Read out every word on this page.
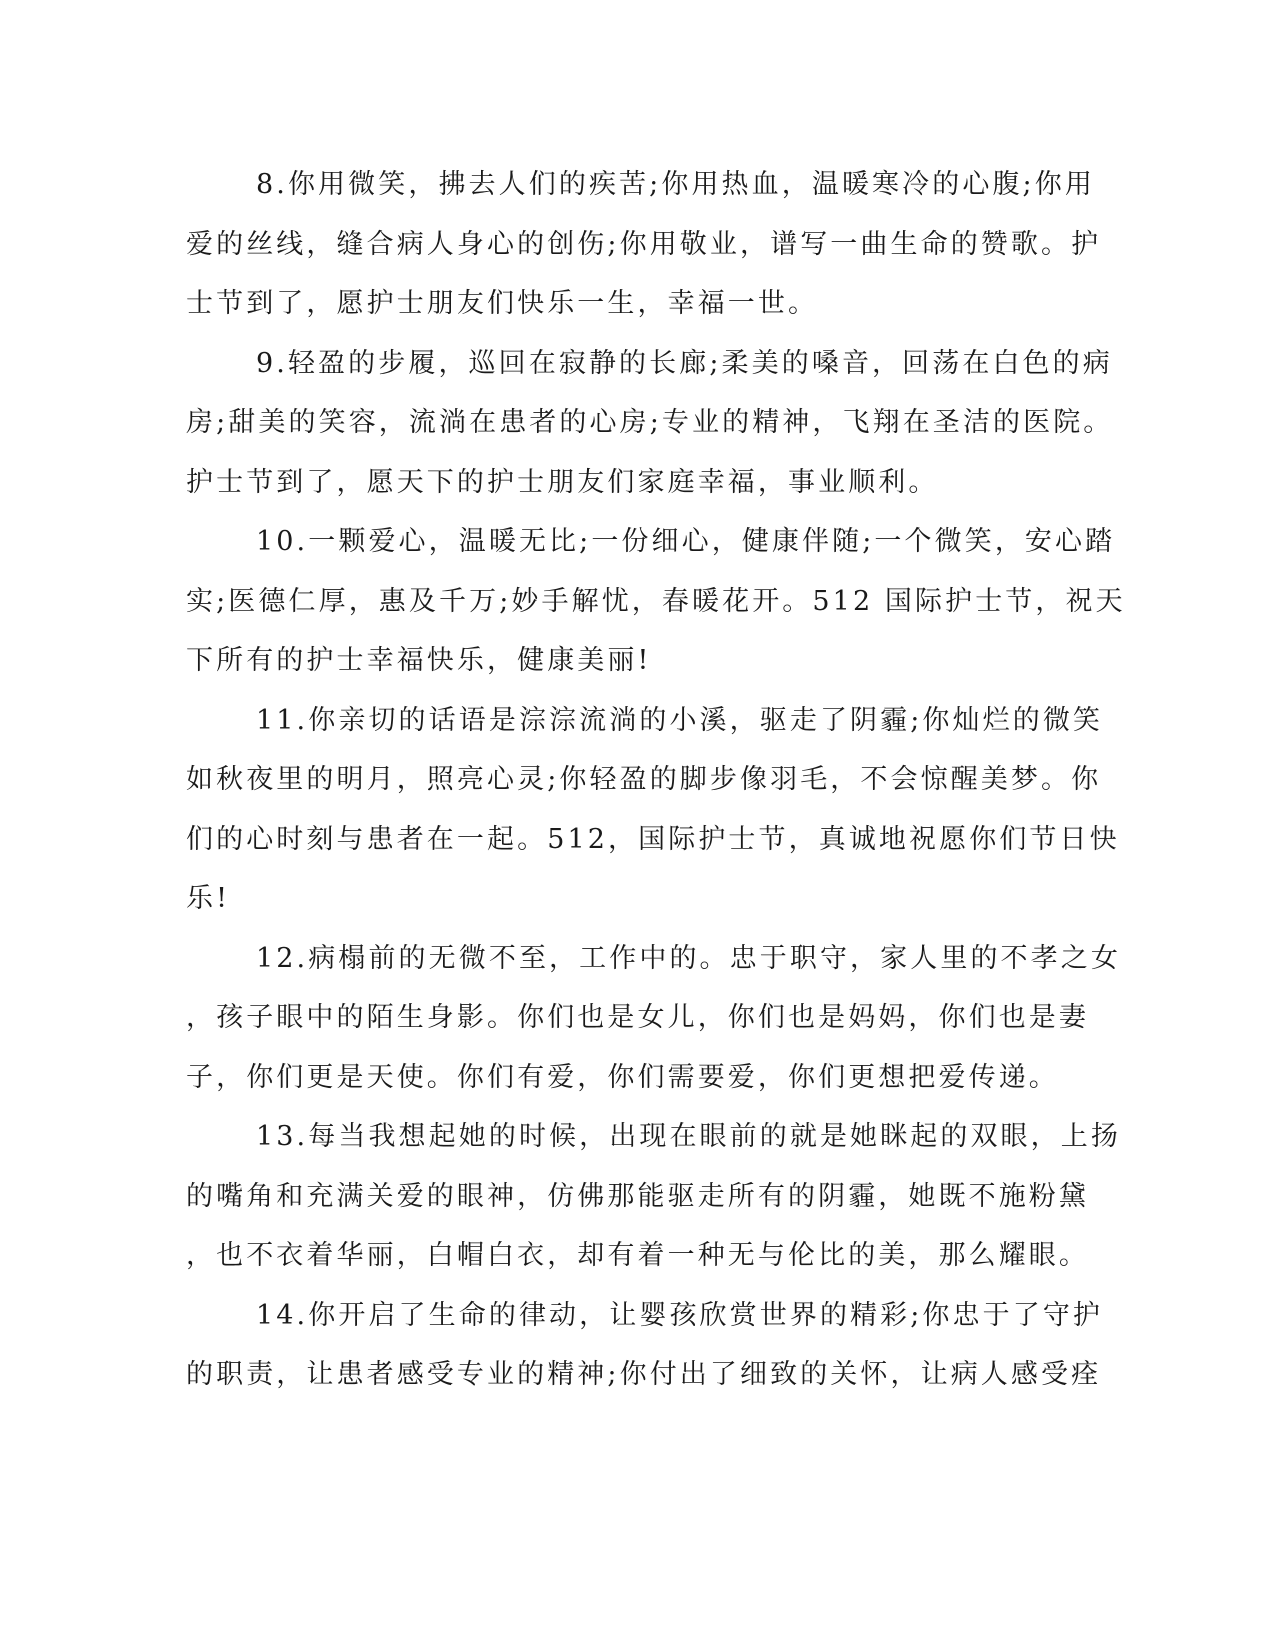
8.你用微笑，拂去人们的疾苦;你用热血，温暖寒冷的心腹;你用
爱的丝线，缝合病人身心的创伤;你用敬业，谱写一曲生命的赞歌。护
士节到了，愿护士朋友们快乐一生，幸福一世。

9.轻盈的步履，巡回在寂静的长廊;柔美的嗓音，回荡在白色的病
房;甜美的笑容，流淌在患者的心房;专业的精神，飞翔在圣洁的医院。
护士节到了，愿天下的护士朋友们家庭幸福，事业顺利。

10.一颗爱心，温暖无比;一份细心，健康伴随;一个微笑，安心踏
实;医德仁厚，惠及千万;妙手解忧，春暖花开。512 国际护士节，祝天
下所有的护士幸福快乐，健康美丽!

11.你亲切的话语是淙淙流淌的小溪，驱走了阴霾;你灿烂的微笑
如秋夜里的明月，照亮心灵;你轻盈的脚步像羽毛，不会惊醒美梦。你
们的心时刻与患者在一起。512，国际护士节，真诚地祝愿你们节日快
乐!

12.病榻前的无微不至，工作中的。忠于职守，家人里的不孝之女
，孩子眼中的陌生身影。你们也是女儿，你们也是妈妈，你们也是妻
子，你们更是天使。你们有爱，你们需要爱，你们更想把爱传递。

13.每当我想起她的时候，出现在眼前的就是她眯起的双眼，上扬
的嘴角和充满关爱的眼神，仿佛那能驱走所有的阴霾，她既不施粉黛
，也不衣着华丽，白帽白衣，却有着一种无与伦比的美，那么耀眼。

14.你开启了生命的律动，让婴孩欣赏世界的精彩;你忠于了守护
的职责，让患者感受专业的精神;你付出了细致的关怀，让病人感受痊
